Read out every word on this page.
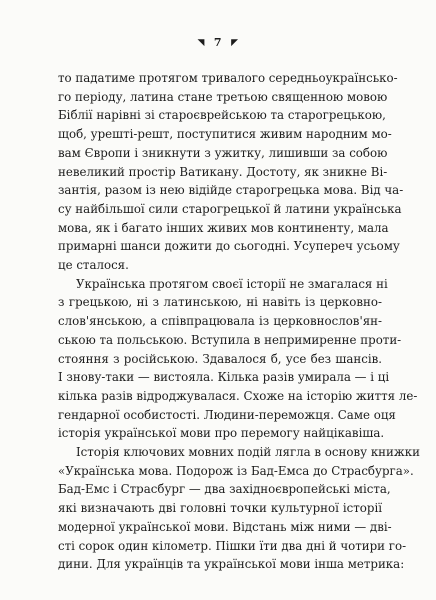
◥ 7 ◤
то падатиме протягом тривалого середньоукраїнсько-
го періоду, латина стане третьою священною мовою
Біблії нарівні зі староєврейською та старогрецькою,
щоб, урешті-решт, поступитися живим народним мо-
вам Європи і зникнути з ужитку, лишивши за собою
невеликий простір Ватикану. Достоту, як зникне Ві-
зантія, разом із нею відійде старогрецька мова. Від ча-
су найбільшої сили старогрецької й латини українська
мова, як і багато інших живих мов континенту, мала
примарні шанси дожити до сьогодні. Усупереч усьому
це сталося.
Українська протягом своєї історії не змагалася ні
з грецькою, ні з латинською, ні навіть із церковно-
слов'янською, а співпрацювала із церковнослов'ян-
ською та польською. Вступила в непримиренне проти-
стояння з російською. Здавалося б, усе без шансів.
І знову-таки — вистояла. Кілька разів умирала — і ці
кілька разів відроджувалася. Схоже на історію життя ле-
гендарної особистості. Людини-переможця. Саме оця
історія української мови про перемогу найцікавіша.
Історія ключових мовних подій лягла в основу книжки
«Українська мова. Подорож із Бад-Емса до Страсбурга».
Бад-Емс і Страсбург — два західноєвропейські міста,
які визначають дві головні точки культурної історії
модерної української мови. Відстань між ними — дві-
сті сорок один кілометр. Пішки їти два дні й чотири го-
дини. Для українців та української мови інша метрика:
